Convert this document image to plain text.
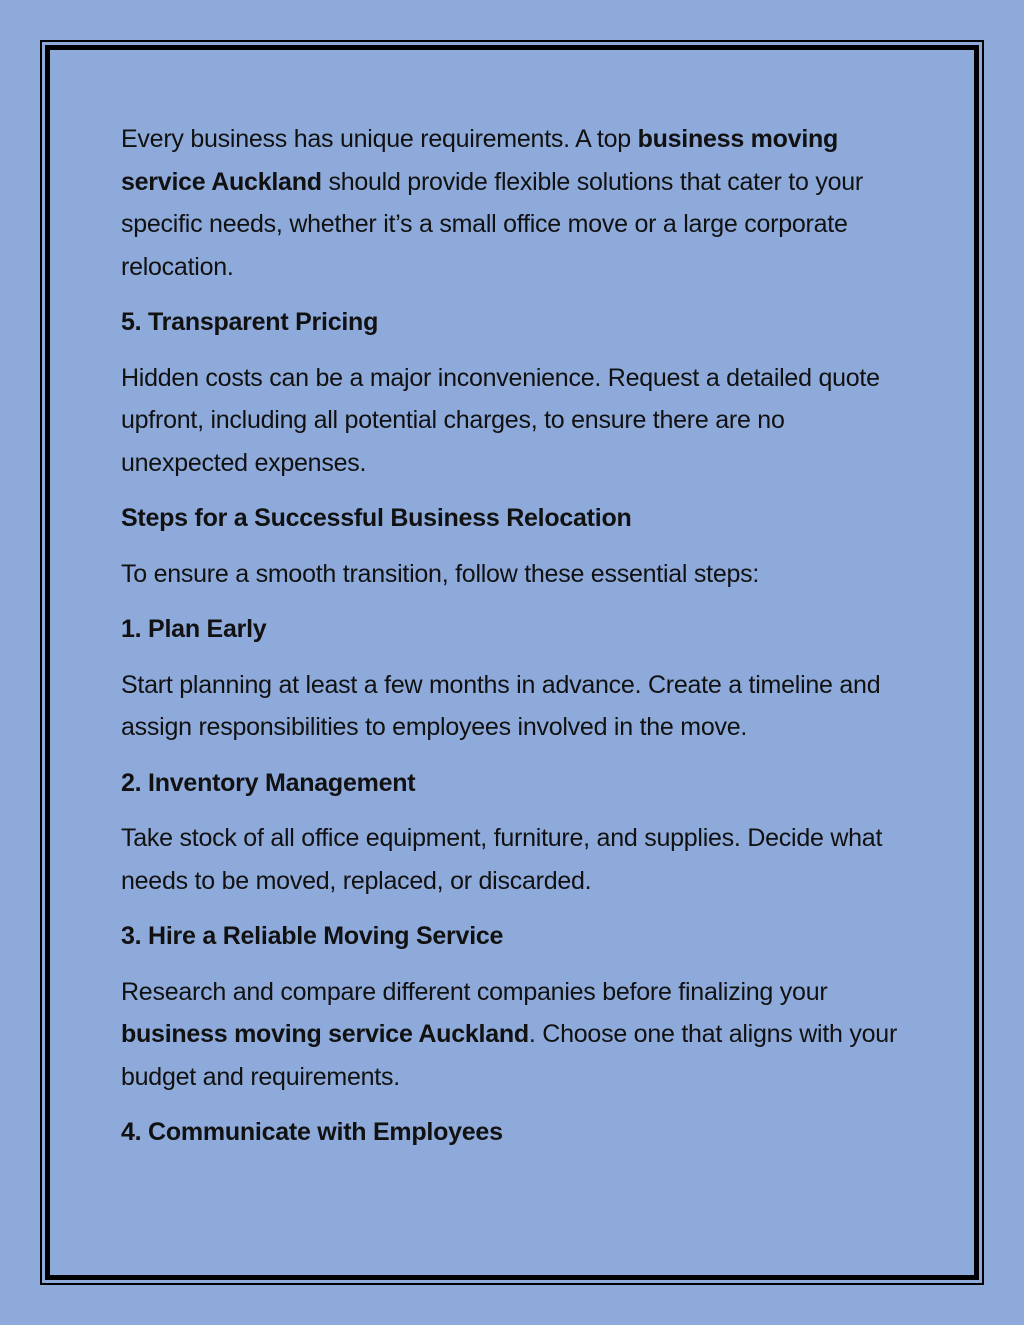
Every business has unique requirements. A top business moving service Auckland should provide flexible solutions that cater to your specific needs, whether it’s a small office move or a large corporate relocation.

5. Transparent Pricing

Hidden costs can be a major inconvenience. Request a detailed quote upfront, including all potential charges, to ensure there are no unexpected expenses.

Steps for a Successful Business Relocation

To ensure a smooth transition, follow these essential steps:

1. Plan Early

Start planning at least a few months in advance. Create a timeline and assign responsibilities to employees involved in the move.

2. Inventory Management

Take stock of all office equipment, furniture, and supplies. Decide what needs to be moved, replaced, or discarded.

3. Hire a Reliable Moving Service

Research and compare different companies before finalizing your business moving service Auckland. Choose one that aligns with your budget and requirements.

4. Communicate with Employees
